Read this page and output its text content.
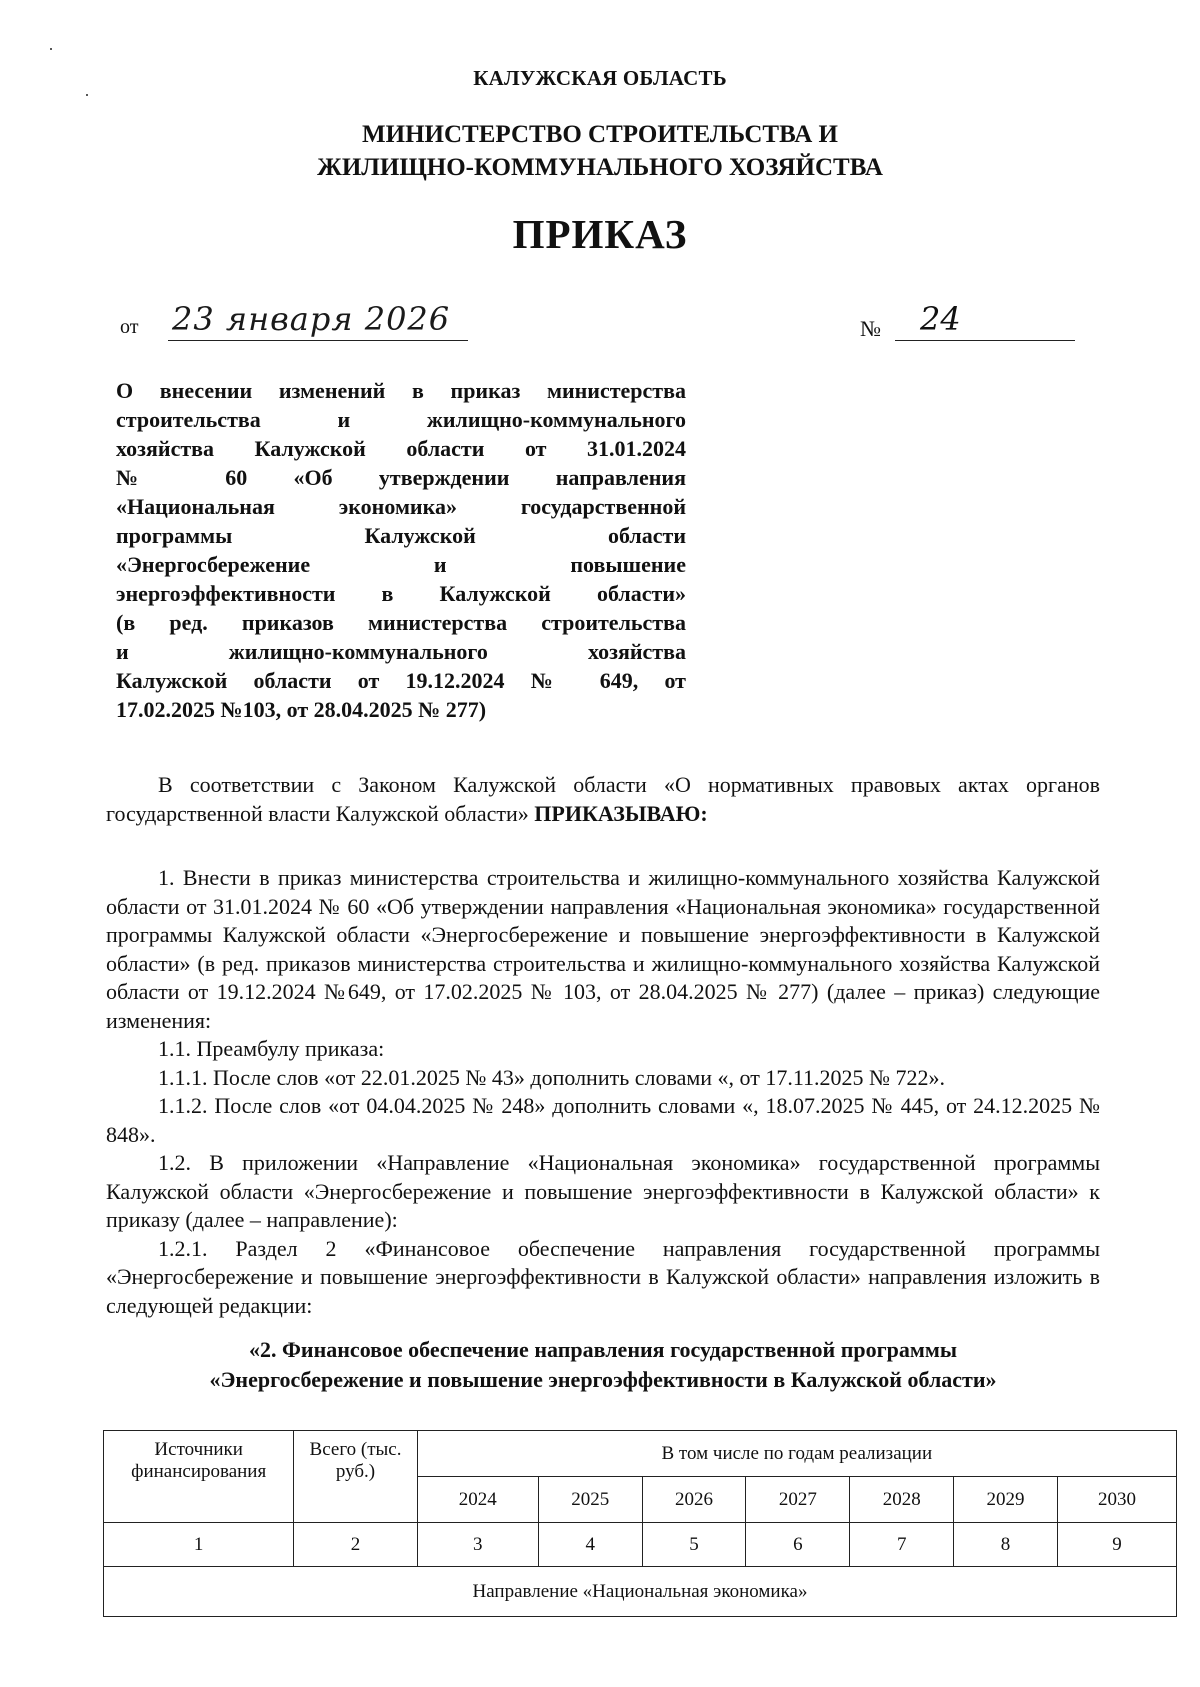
КАЛУЖСКАЯ ОБЛАСТЬ
МИНИСТЕРСТВО СТРОИТЕЛЬСТВА И
ЖИЛИЩНО-КОММУНАЛЬНОГО ХОЗЯЙСТВА
ПРИКАЗ
от 23 января 2026	№ 24
О внесении изменений в приказ министерства
строительства и жилищно-коммунального
хозяйства Калужской области от 31.01.2024
№ 60 «Об утверждении направления
«Национальная экономика» государственной
программы Калужской области
«Энергосбережение и повышение
энергоэффективности в Калужской области»
(в ред. приказов министерства строительства
и жилищно-коммунального хозяйства
Калужской области от 19.12.2024 № 649, от
17.02.2025 №103, от 28.04.2025 № 277)
В соответствии с Законом Калужской области «О нормативных правовых актах органов государственной власти Калужской области» ПРИКАЗЫВАЮ:

1. Внести в приказ министерства строительства и жилищно-коммунального хозяйства Калужской области от 31.01.2024 № 60 «Об утверждении направления «Национальная экономика» государственной программы Калужской области «Энергосбережение и повышение энергоэффективности в Калужской области» (в ред. приказов министерства строительства и жилищно-коммунального хозяйства Калужской области от 19.12.2024 №649, от 17.02.2025 № 103, от 28.04.2025 № 277) (далее – приказ) следующие изменения:

1.1. Преамбулу приказа:

1.1.1. После слов «от 22.01.2025 № 43» дополнить словами «, от 17.11.2025 № 722».

1.1.2. После слов «от 04.04.2025 № 248» дополнить словами «, 18.07.2025 № 445, от 24.12.2025 № 848».

1.2. В приложении «Направление «Национальная экономика» государственной программы Калужской области «Энергосбережение и повышение энергоэффективности в Калужской области» к приказу (далее – направление):

1.2.1. Раздел 2 «Финансовое обеспечение направления государственной программы «Энергосбережение и повышение энергоэффективности в Калужской области» направления изложить в следующей редакции:

«2. Финансовое обеспечение направления государственной программы
«Энергосбережение и повышение энергоэффективности в Калужской области»
Источники финансирования	Всего (тыс. руб.)	В том числе по годам реализации						
		2024	2025	2026	2027	2028	2029	2030
1	2	3	4	5	6	7	8	9
Направление «Национальная экономика»								
